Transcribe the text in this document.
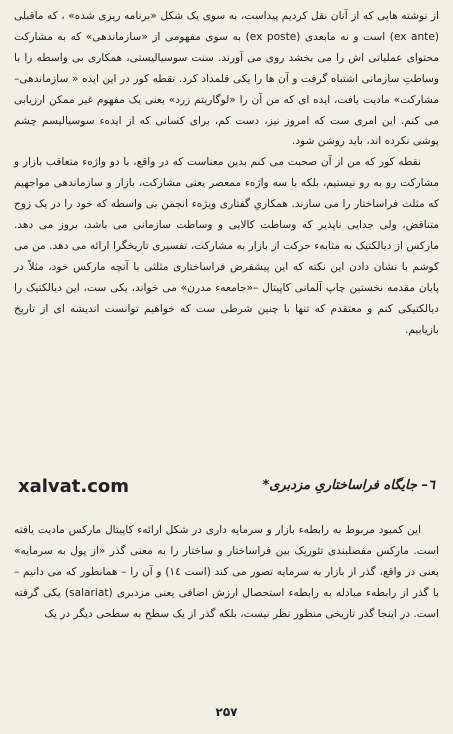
از نوشته هایی که از آنان نقل کردیم پیداست، به سوی یک شکل «برنامه ریزی شده» ، که ماقبلی (ex ante) است و نه مابعدی (ex poste) به سوی مفهومی از «سازماندهی» که به مشارکت محتوای عملیاتی اش را می بخشد روی می آورند. سنت سوسیالیستی، همکاری بی واسطه را با وساطتِ سازمانی اشتباه گرفت و آن ها را یکی قلمداد کرد. نقطه کور در این ایده « سازماندهی–مشارکت» مادیت یافت، ایده ای که من آن را «لوگاریتم زرد» یعنی یک مفهوم غیر ممکن ارزیابی می کنم. این امری ست که امروز نیز، دست کم، برای کسانی که از ایدهء سوسیالیسم چشم پوشی نکرده اند، باید روشن شود.

نقطه کور که من از آن صحبت می کنم بدین معناست که در واقع، با دو واژهء متعاقب بازار و مشارکت رو به رو نیستیم، بلکه با سه واژهء ممعصر یعنی مشارکت، بازار و سازماندهی مواجهیم که مثلث فراساختار را می سازند. همکاریِ گفتاری ویژهء انجمن بی واسطه که خود را در یک زوج متناقض، ولی جدایی ناپذیر که وساطت کالایی و وساطت سازمانی می باشد، بروز می دهد. مارکس از دیالکتیک به مثابهء حرکت از بازار به مشارکت، تفسیری تاریخگرا ارائه می دهد. من می کوشم با نشان دادن این نکته که این پیشفرض فراساختاری مثلثی با آنچه مارکس خود، مثلاً در پایان مقدمه نخستین چاپ آلمانی کاپیتال –«جامعهء مدرن» می خواند، یکی ست، این دیالکتیک را دیالکتیکی کنم و معتقدم که تنها با چنین شرطی ست که خواهیم توانست اندیشه ای از تاریخ بازیابیم.

xalvat.com	٦– جایگاه فراساختاریِ مزدبری*

این کمبود مربوط به رابطهء بازار و سرمایه داری در شکل ارائهء کاپیتال مارکس مادیت یافته است. مارکس مفصلبندی تئوریک بین فراساختار و ساختار را به معنی گذر «از پول به سرمایه» یعنی در واقع، گذر از بازار به سرمایه تصور می کند (است ١٤) و آن را – همانطور که می دانیم – با گذر از رابطهء مبادله به رابطهء استحصال ارزش اضافی یعنی مزدبری (salariat) یکی گرفته است. در اینجا گذر تاریخی منظور نظر نیست، بلکه گذر از یک سطح به سطحی دیگر در یک

۲۵۷
